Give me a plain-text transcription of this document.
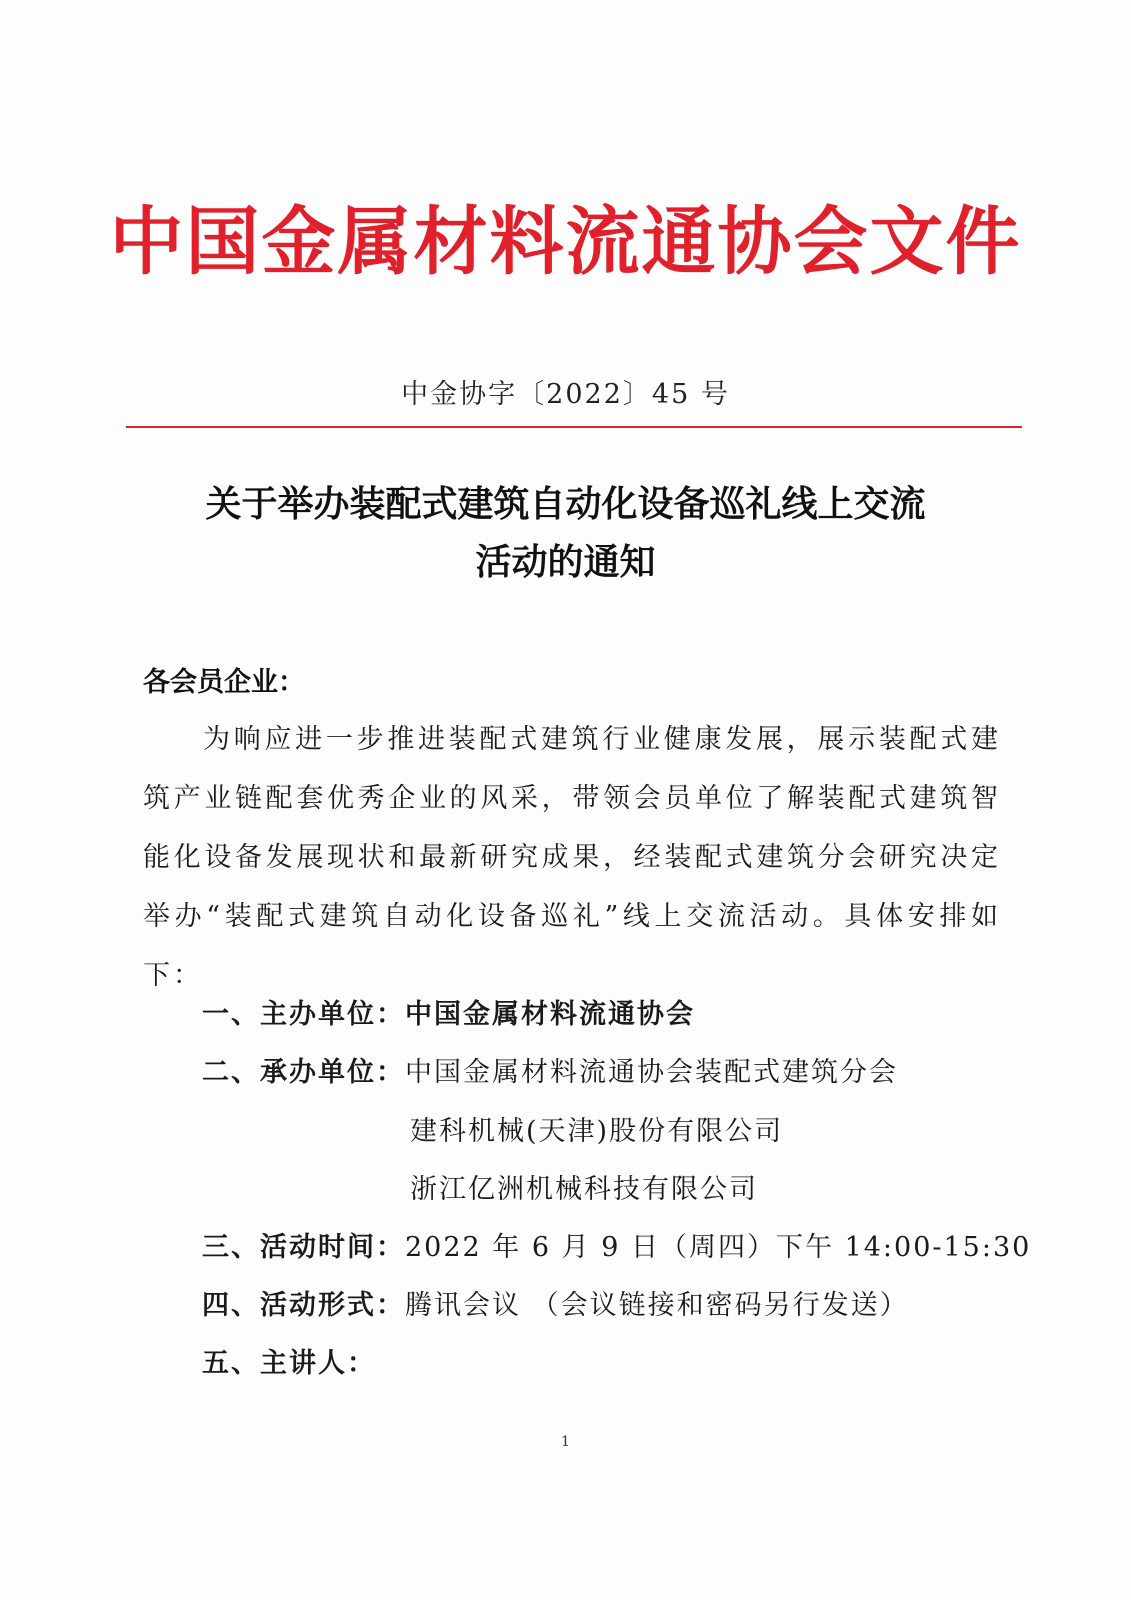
中国金属材料流通协会文件
中金协字〔2022〕45 号
关于举办装配式建筑自动化设备巡礼线上交流
活动的通知
各会员企业：
为响应进一步推进装配式建筑行业健康发展，展示装配式建筑产业链配套优秀企业的风采，带领会员单位了解装配式建筑智能化设备发展现状和最新研究成果，经装配式建筑分会研究决定举办“装配式建筑自动化设备巡礼”线上交流活动。具体安排如下：
一、主办单位：中国金属材料流通协会
二、承办单位：中国金属材料流通协会装配式建筑分会
建科机械(天津)股份有限公司
浙江亿洲机械科技有限公司
三、活动时间：2022 年 6 月 9 日（周四）下午 14:00-15:30
四、活动形式：腾讯会议 （会议链接和密码另行发送）
五、主讲人：
1
